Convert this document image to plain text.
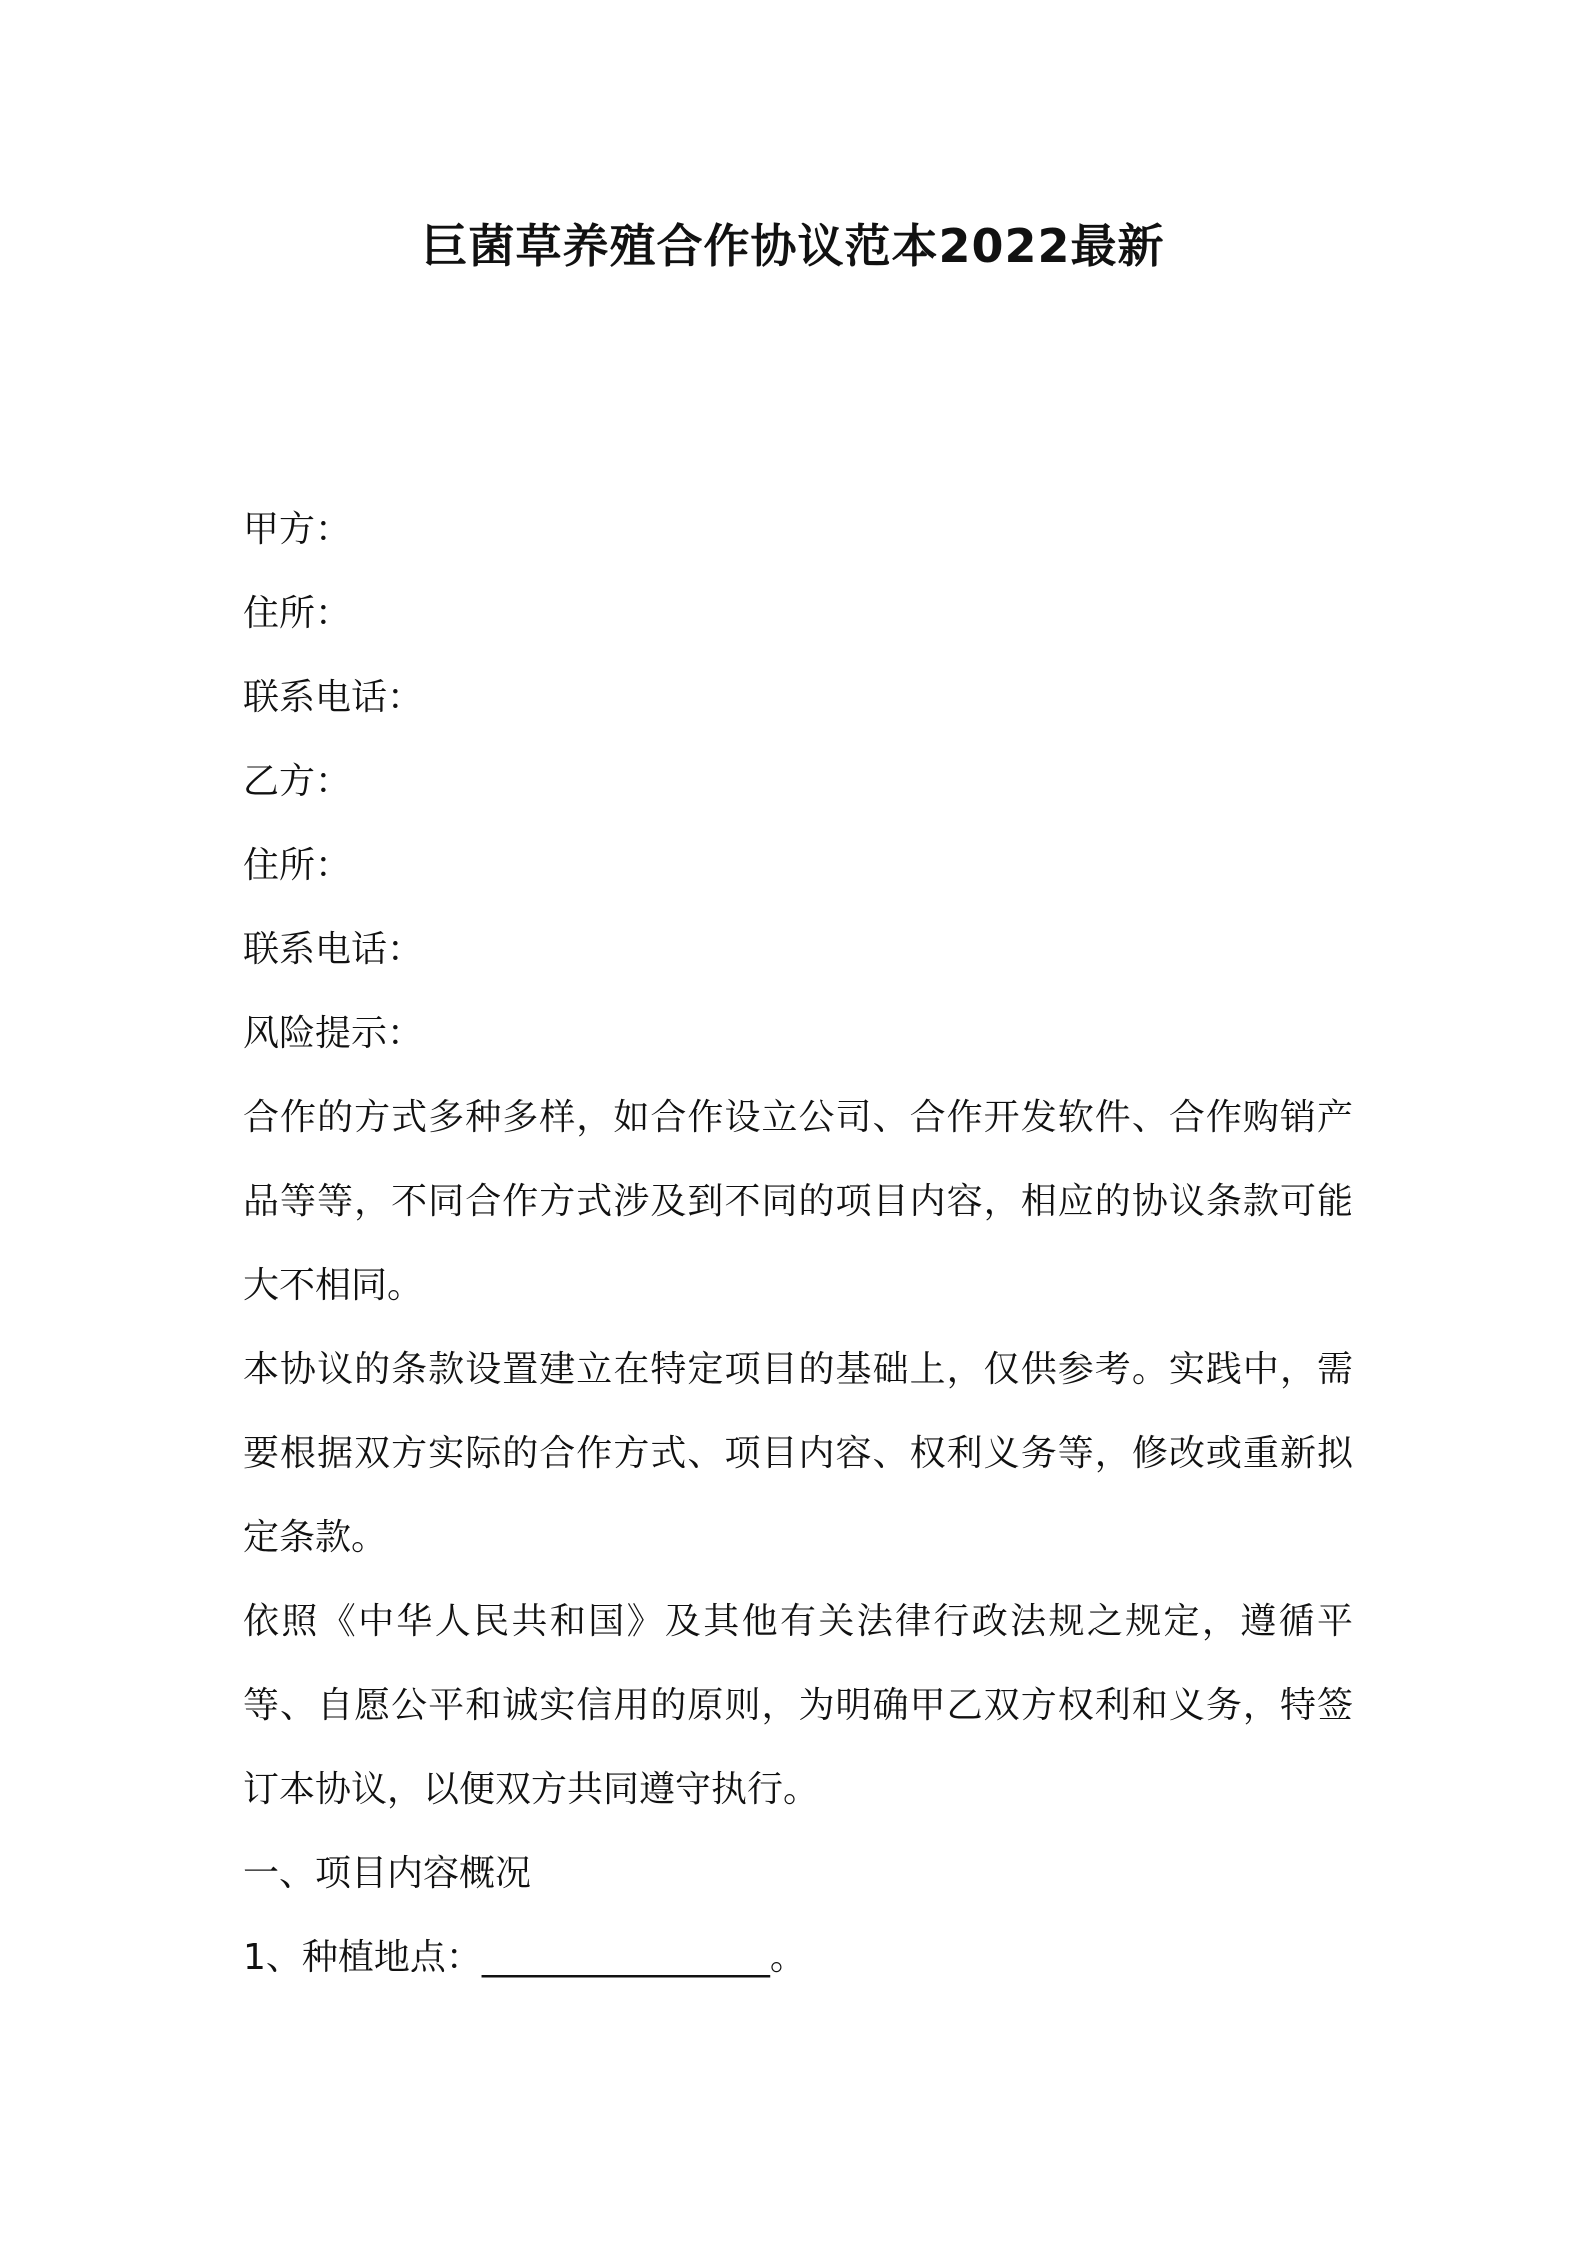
巨菌草养殖合作协议范本2022最新

甲方：

住所：

联系电话：

乙方：

住所：

联系电话：

风险提示：

合作的方式多种多样，如合作设立公司、合作开发软件、合作购销产品等等，不同合作方式涉及到不同的项目内容，相应的协议条款可能大不相同。

本协议的条款设置建立在特定项目的基础上，仅供参考。实践中，需要根据双方实际的合作方式、项目内容、权利义务等，修改或重新拟定条款。

依照《中华人民共和国》及其他有关法律行政法规之规定，遵循平等、自愿公平和诚实信用的原则，为明确甲乙双方权利和义务，特签订本协议，以便双方共同遵守执行。

一、项目内容概况

1、种植地点：________________。
